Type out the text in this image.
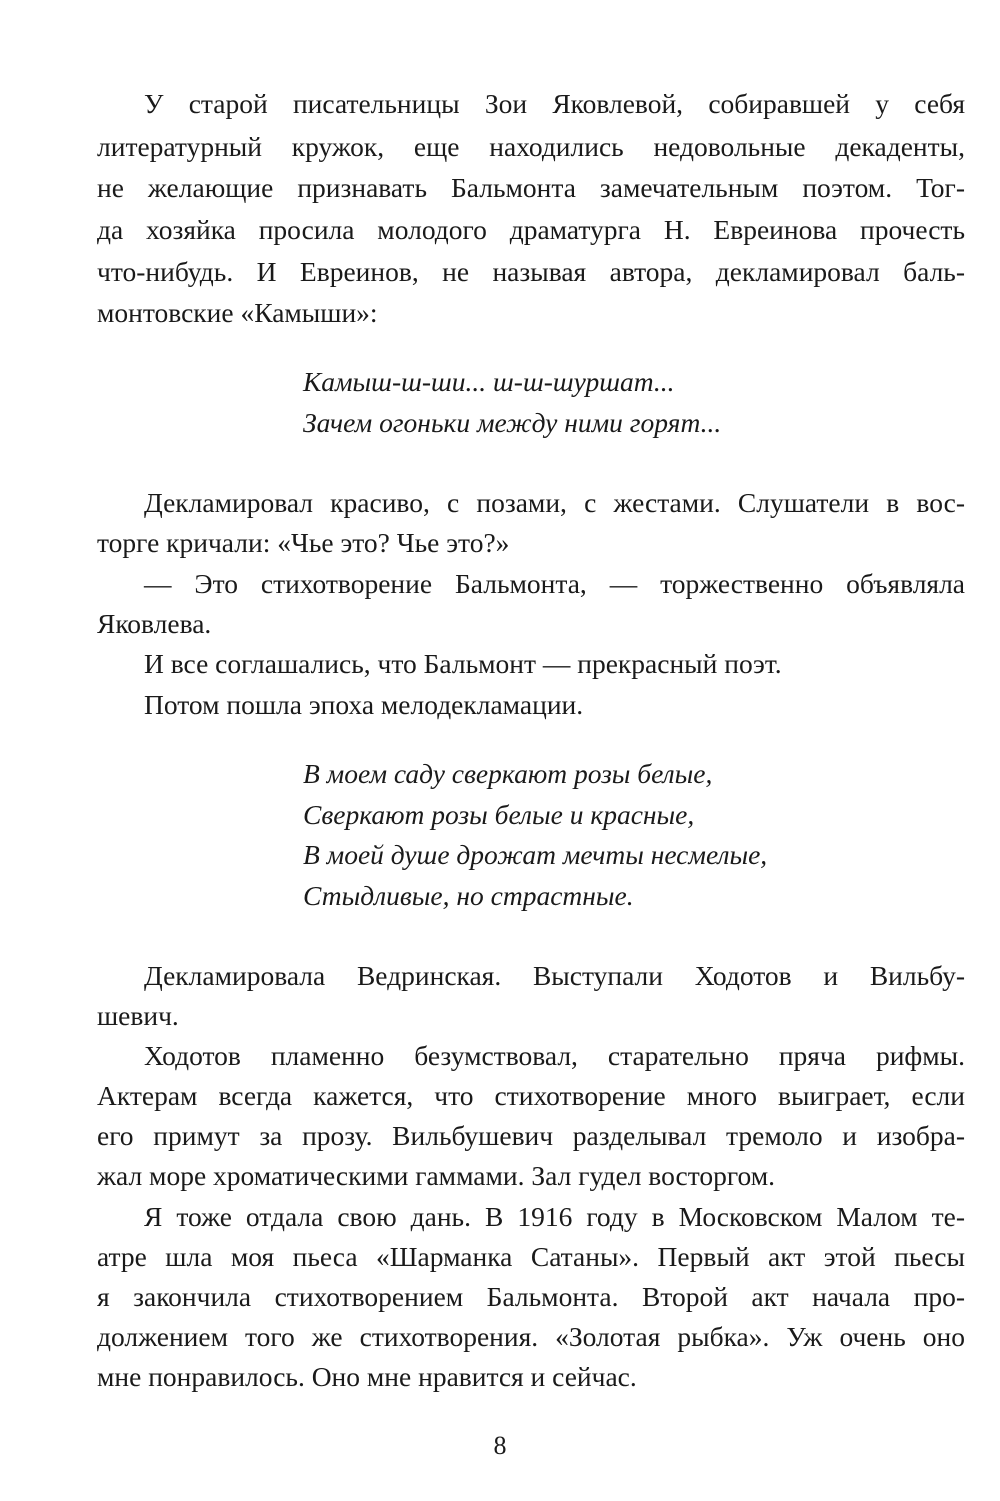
У старой писательницы Зои Яковлевой, собиравшей у себя
литературный кружок, еще находились недовольные декаденты,
не желающие признавать Бальмонта замечательным поэтом. Тог-
да хозяйка просила молодого драматурга Н. Евреинова прочесть
что-нибудь. И Евреинов, не называя автора, декламировал баль-
монтовские «Камыши»:
Камыш-ш-ши... ш-ш-шуршат...
Зачем огоньки между ними горят...
Декламировал красиво, с позами, с жестами. Слушатели в вос-
торге кричали: «Чье это? Чье это?»
— Это стихотворение Бальмонта, — торжественно объявляла
Яковлева.
И все соглашались, что Бальмонт — прекрасный поэт.
Потом пошла эпоха мелодекламации.
В моем саду сверкают розы белые,
Сверкают розы белые и красные,
В моей душе дрожат мечты несмелые,
Стыдливые, но страстные.
Декламировала Ведринская. Выступали Ходотов и Вильбу-
шевич.
Ходотов пламенно безумствовал, старательно пряча рифмы.
Актерам всегда кажется, что стихотворение много выиграет, если
его примут за прозу. Вильбушевич разделывал тремоло и изобра-
жал море хроматическими гаммами. Зал гудел восторгом.
Я тоже отдала свою дань. В 1916 году в Московском Малом те-
атре шла моя пьеса «Шарманка Сатаны». Первый акт этой пьесы
я закончила стихотворением Бальмонта. Второй акт начала про-
должением того же стихотворения. «Золотая рыбка». Уж очень оно
мне понравилось. Оно мне нравится и сейчас.
8
